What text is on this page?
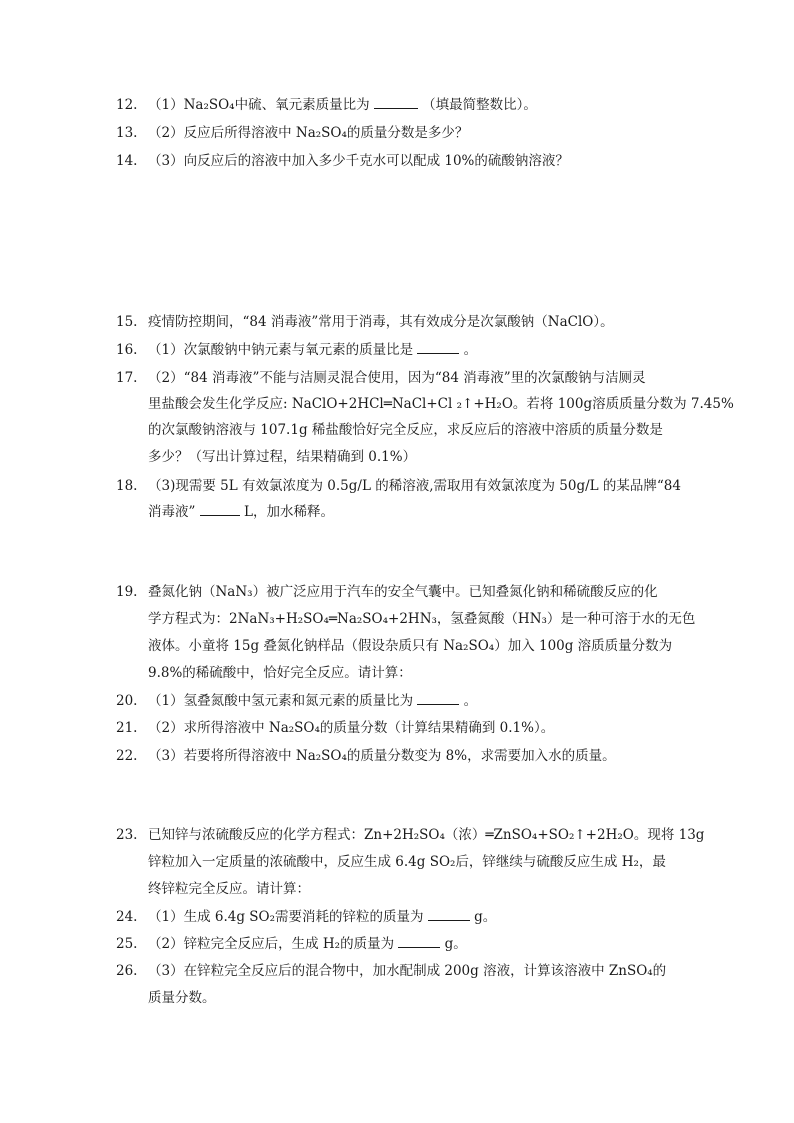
12. （1）Na₂SO₄中硫、氧元素质量比为	（填最简整数比）。
13. （2）反应后所得溶液中 Na₂SO₄的质量分数是多少？
14. （3）向反应后的溶液中加入多少千克水可以配成 10%的硫酸钠溶液？
15. 疫情防控期间，“84 消毒液”常用于消毒，其有效成分是次氯酸钠（NaClO）。
16. （1）次氯酸钠中钠元素与氧元素的质量比是	。
17. （2）“84 消毒液”不能与洁厕灵混合使用，因为“84 消毒液”里的次氯酸钠与洁厕灵
里盐酸会发生化学反应: NaClO+2HCl═NaCl+Cl ₂↑+H₂O。若将 100g溶质质量分数为 7.45%
的次氯酸钠溶液与 107.1g 稀盐酸恰好完全反应，求反应后的溶液中溶质的质量分数是
多少？（写出计算过程，结果精确到 0.1%）
18. （3)现需要 5L 有效氯浓度为 0.5g/L 的稀溶液,需取用有效氯浓度为 50g/L 的某品牌“84
消毒液”	L，加水稀释。
19. 叠氮化钠（NaN₃）被广泛应用于汽车的安全气囊中。已知叠氮化钠和稀硫酸反应的化
学方程式为：2NaN₃+H₂SO₄═Na₂SO₄+2HN₃，氢叠氮酸（HN₃）是一种可溶于水的无色
液体。小童将 15g 叠氮化钠样品（假设杂质只有 Na₂SO₄）加入 100g 溶质质量分数为
9.8%的稀硫酸中，恰好完全反应。请计算：
20. （1）氢叠氮酸中氢元素和氮元素的质量比为	。
21. （2）求所得溶液中 Na₂SO₄的质量分数（计算结果精确到 0.1%）。
22. （3）若要将所得溶液中 Na₂SO₄的质量分数变为 8%，求需要加入水的质量。
23. 已知锌与浓硫酸反应的化学方程式：Zn+2H₂SO₄（浓）═ZnSO₄+SO₂↑+2H₂O。现将 13g
锌粒加入一定质量的浓硫酸中，反应生成 6.4g SO₂后，锌继续与硫酸反应生成 H₂，最
终锌粒完全反应。请计算：
24. （1）生成 6.4g SO₂需要消耗的锌粒的质量为	g。
25. （2）锌粒完全反应后，生成 H₂的质量为	g。
26. （3）在锌粒完全反应后的混合物中，加水配制成 200g 溶液，计算该溶液中 ZnSO₄的
质量分数。
